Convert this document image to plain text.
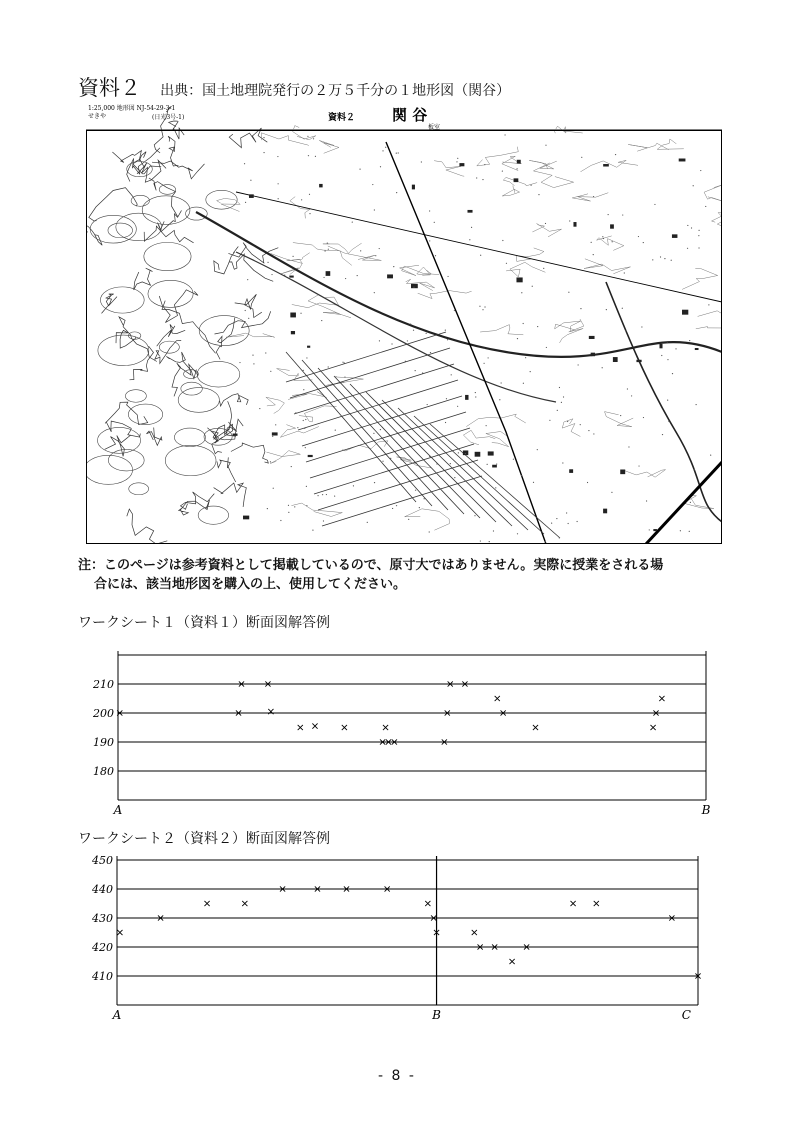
資料２ 出典：国土地理院発行の２万５千分の１地形図（関谷）
1:25,000 地形図 NJ-54-29-3-1
せきや	(日光3号-1)	資料２ 関 谷
板室
注：このページは参考資料として掲載しているので、原寸大ではありません。実際に授業をされる場
合には、該当地形図を購入の上、使用してください。
ワークシート１（資料１）断面図解答例
210
200
190
180
A	B
ワークシート２（資料２）断面図解答例
450
440
430
420
410
A	B	C
- 8 -
